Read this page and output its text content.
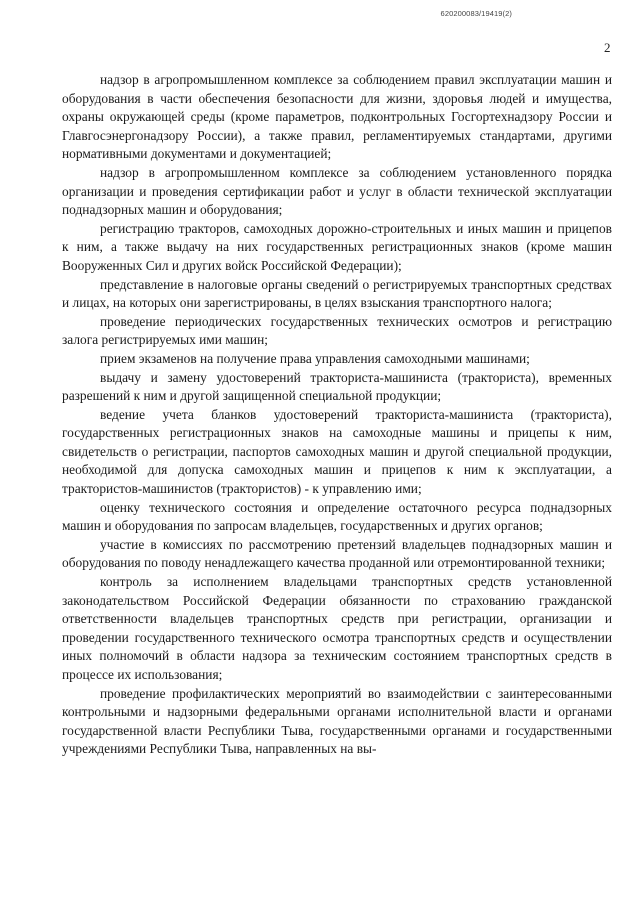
620200083/19419(2)
2

надзор в агропромышленном комплексе за соблюдением правил эксплуатации машин и оборудования в части обеспечения безопасности для жизни, здоровья людей и имущества, охраны окружающей среды (кроме параметров, подконтрольных Госгортехнадзору России и Главгосэнергонадзору России), а также правил, регламентируемых стандартами, другими нормативными документами и документацией;

надзор в агропромышленном комплексе за соблюдением установленного порядка организации и проведения сертификации работ и услуг в области технической эксплуатации поднадзорных машин и оборудования;

регистрацию тракторов, самоходных дорожно-строительных и иных машин и прицепов к ним, а также выдачу на них государственных регистрационных знаков (кроме машин Вооруженных Сил и других войск Российской Федерации);

представление в налоговые органы сведений о регистрируемых транспортных средствах и лицах, на которых они зарегистрированы, в целях взыскания транспортного налога;

проведение периодических государственных технических осмотров и регистрацию залога регистрируемых ими машин;

прием экзаменов на получение права управления самоходными машинами;

выдачу и замену удостоверений тракториста-машиниста (тракториста), временных разрешений к ним и другой защищенной специальной продукции;

ведение учета бланков удостоверений тракториста-машиниста (тракториста), государственных регистрационных знаков на самоходные машины и прицепы к ним, свидетельств о регистрации, паспортов самоходных машин и другой специальной продукции, необходимой для допуска самоходных машин и прицепов к ним к эксплуатации, а трактористов-машинистов (трактористов) - к управлению ими;

оценку технического состояния и определение остаточного ресурса поднадзорных машин и оборудования по запросам владельцев, государственных и других органов;

участие в комиссиях по рассмотрению претензий владельцев поднадзорных машин и оборудования по поводу ненадлежащего качества проданной или отремонтированной техники;

контроль за исполнением владельцами транспортных средств установленной законодательством Российской Федерации обязанности по страхованию гражданской ответственности владельцев транспортных средств при регистрации, организации и проведении государственного технического осмотра транспортных средств и осуществлении иных полномочий в области надзора за техническим состоянием транспортных средств в процессе их использования;

проведение профилактических мероприятий во взаимодействии с заинтересованными контрольными и надзорными федеральными органами исполнительной власти и органами государственной власти Республики Тыва, государственными органами и государственными учреждениями Республики Тыва, направленных на вы-
